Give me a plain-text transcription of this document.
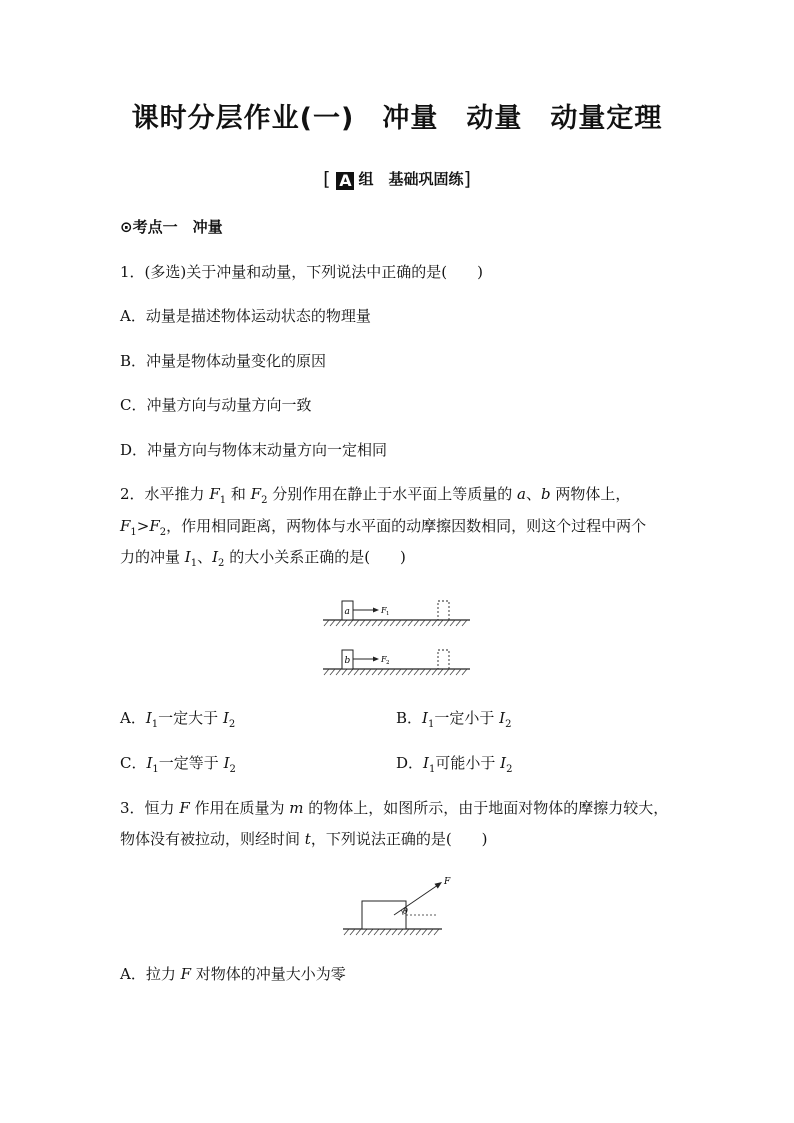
课时分层作业(一)　冲量　动量　动量定理
[ A 组　基础巩固练]
⊙考点一　冲量
1．(多选)关于冲量和动量，下列说法中正确的是(　　)
A．动量是描述物体运动状态的物理量
B．冲量是物体动量变化的原因
C．冲量方向与动量方向一致
D．冲量方向与物体末动量方向一定相同
2．水平推力 $F_1$ 和 $F_2$ 分别作用在静止于水平面上等质量的 a、b 两物体上，
$F_1>F_2$，作用相同距离，两物体与水平面的动摩擦因数相同，则这个过程中两个
力的冲量 $I_1$、$I_2$ 的大小关系正确的是(　　)
a	F 1
b	F 2
A．$I_1$一定大于 $I_2$	B．$I_1$一定小于 $I_2$
C．$I_1$一定等于 $I_2$	D．$I_1$可能小于 $I_2$
3．恒力 F 作用在质量为 m 的物体上，如图所示，由于地面对物体的摩擦力较大，
物体没有被拉动，则经时间 t，下列说法正确的是(　　)
θ
F
A．拉力 F 对物体的冲量大小为零
